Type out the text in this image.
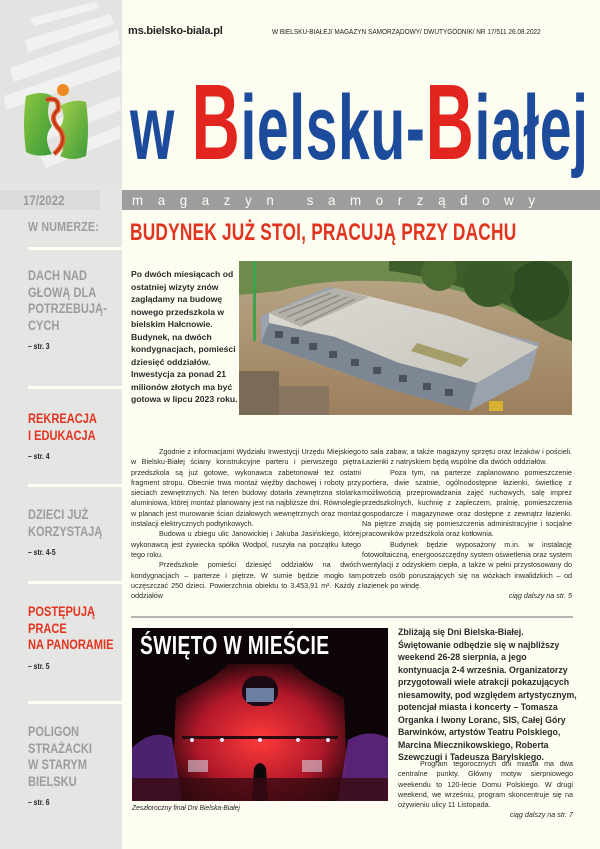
17/2022
W NUMERZE:
DACH NAD
GŁOWĄ DLA
POTRZEBUJĄ-
CYCH
– str. 3
REKREACJA
I EDUKACJA
– str. 4
DZIECI JUŻ
KORZYSTAJĄ
– str. 4-5
POSTĘPUJĄ
PRACE
NA PANORAMIE
– str. 5
POLIGON
STRAŻACKI
W STARYM
BIELSKU
– str. 6
ms.bielsko-biala.pl	W BIELSKU-BIAŁEJ/ MAGAZYN SAMORZĄDOWY/ DWUTYGODNIK/ NR 17/511 26.08.2022
w Bielsku-Białej
magazyn samorządowy
BUDYNEK JUŻ STOI, PRACUJĄ PRZY DACHU
Po dwóch miesiącach od ostatniej wizyty znów zaglądamy na budowę nowego przedszkola w bielskim Hałcnowie. Budynek, na dwóch kondygnacjach, pomieści dziesięć oddziałów. Inwestycja za ponad 21 milionów złotych ma być gotowa w lipcu 2023 roku.

Zgodnie z informacjami Wydziału Inwestycji Urzędu Miejskiego w Bielsku-Białej ściany konstrukcyjne parteru i pierwszego piętra przedszkola są już gotowe, wykonawca zabetonował też ostatni fragment stropu. Obecnie trwa montaż więźby dachowej i roboty przy sieciach zewnętrznych. Na teren budowy dotarła zewnętrzna stolarka aluminiowa, której montaż planowany jest na najbliższe dni. Równolegle w planach jest murowanie ścian działowych wewnętrznych oraz montaż instalacji elektrycznych podtynkowych.

Budowa u zbiegu ulic Janowickiej i Jakuba Jasińskiego, której wykonawcą jest żywiecka spółka Wodpol, ruszyła na początku lutego tego roku.

Przedszkole pomieści dziesięć oddziałów na dwóch kondygnacjach – parterze i piętrze. W sumie będzie mogło tam uczęszczać 250 dzieci. Powierzchnia obiektu to 3.453,91 m². Każdy z oddziałów

to sala zabaw, a także magazyny sprzętu oraz leżaków i pościeli. Łazienki z natryskiem będą wspólne dla dwóch oddziałów.

Poza tym, na parterze zaplanowano pomieszczenie portiera, dwie szatnie, ogólnodostępne łazienki, świetlicę z możliwością przeprowadzania zajęć ruchowych, salę imprez przedszkolnych, kuchnię z zapleczem, pralnię, pomieszczenia gospodarcze i magazynowe oraz dostępne z zewnątrz łazienki. Na piętrze znajdą się pomieszczenia administracyjne i socjalne pracowników przedszkola oraz kotłownia.

Budynek będzie wyposażony m.in. w instalację fotowoltaiczną, energooszczędny system oświetlenia oraz system wentylacji z odzyskiem ciepła, a także w pełni przystosowany do potrzeb osób poruszających się na wózkach inwalidzkich – od łazienek po windę.

ciąg dalszy na str. 5
ŚWIĘTO W MIEŚCIE
Zeszłoroczny finał Dni Bielska-Białej
Zbliżają się Dni Bielska-Białej. Świętowanie odbędzie się w najbliższy weekend 26-28 sierpnia, a jego kontynuacja 2-4 września. Organizatorzy przygotowali wiele atrakcji pokazujących niesamowity, pod względem artystycznym, potencjał miasta i koncerty – Tomasza Organka i Iwony Loranc, SIS, Całej Góry Barwinków, artystów Teatru Polskiego, Marcina Miecznikowskiego, Roberta Szewczugi i Tadeusza Barylskiego.

Program tegorocznych dni miasta ma dwa centralne punkty. Główny motyw sierpniowego weekendu to 120-lecie Domu Polskiego. W drugi weekend, we wrześniu, program skoncentruje się na ożywieniu ulicy 11 Listopada.

ciąg dalszy na str. 7
